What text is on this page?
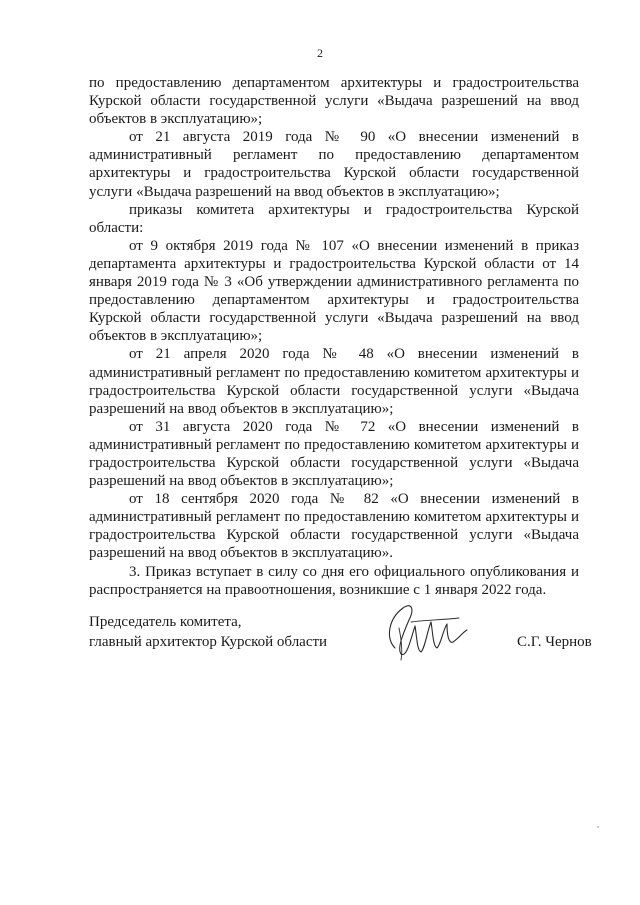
2

по предоставлению департаментом архитектуры и градостроительства Курской области государственной услуги «Выдача разрешений на ввод объектов в эксплуатацию»;

от 21 августа 2019 года № 90 «О внесении изменений в административный регламент по предоставлению департаментом архитектуры и градостроительства Курской области государственной услуги «Выдача разрешений на ввод объектов в эксплуатацию»;

приказы комитета архитектуры и градостроительства Курской области:

от 9 октября 2019 года № 107 «О внесении изменений в приказ департамента архитектуры и градостроительства Курской области от 14 января 2019 года № 3 «Об утверждении административного регламента по предоставлению департаментом архитектуры и градостроительства Курской области государственной услуги «Выдача разрешений на ввод объектов в эксплуатацию»;

от 21 апреля 2020 года № 48 «О внесении изменений в административный регламент по предоставлению комитетом архитектуры и градостроительства Курской области государственной услуги «Выдача разрешений на ввод объектов в эксплуатацию»;

от 31 августа 2020 года № 72 «О внесении изменений в административный регламент по предоставлению комитетом архитектуры и градостроительства Курской области государственной услуги «Выдача разрешений на ввод объектов в эксплуатацию»;

от 18 сентября 2020 года № 82 «О внесении изменений в административный регламент по предоставлению комитетом архитектуры и градостроительства Курской области государственной услуги «Выдача разрешений на ввод объектов в эксплуатацию».

3. Приказ вступает в силу со дня его официального опубликования и распространяется на правоотношения, возникшие с 1 января 2022 года.

Председатель комитета,
главный архитектор Курской области	С.Г. Чернов
